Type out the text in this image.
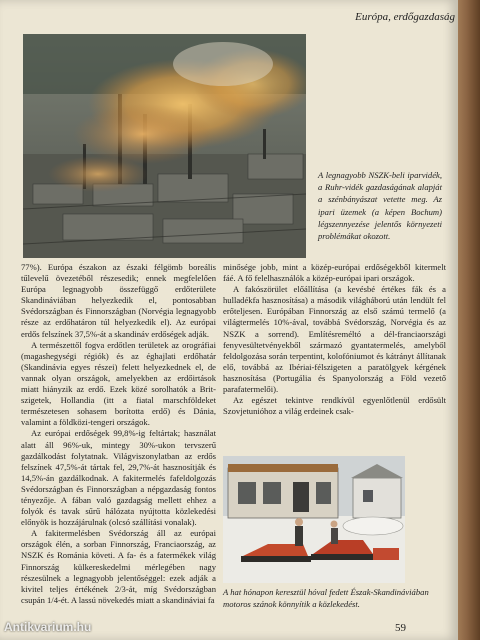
Európa, erdőgazdaság

A legnagyobb NSZK-beli iparvidék, a Ruhr-vidék gazdaságának alapját a szénbányászat vetette meg. Az ipari üzemek (a képen Bochum) légszennyezése jelentős környezeti problémákat okozott.

77%). Európa északon az északi félgömb boreális tűlevelű övezetéből részesedik; ennek megfelelően Európa legnagyobb összefüggő erdőterülete Skandináviában helyezkedik el, pontosabban Svédországban és Finnországban (Norvégia legnagyobb része az erdőhatáron túl helyezkedik el). Az európai erdős felszínek 37,5%-át a skandináv erdőségek adják.

A természettől fogva erdőtlen területek az orográfiai (magashegységi régiók) és az éghajlati erdőhatár (Skandinávia egyes részei) felett helyezkednek el, de vannak olyan országok, amelyekben az erdőirtások miatt hiányzik az erdő. Ezek közé sorolhatók a Brit-szigetek, Hollandia (itt a fiatal marschföldeket természetesen sohasem borította erdő) és Dánia, valamint a földközi-tengeri országok.

Az európai erdőségek 99,8%-ig feltártak; használat alatt áll 96%-uk, mintegy 30%-ukon tervszerű gazdálkodást folytatnak. Világviszonylatban az erdős felszínek 47,5%-át tártak fel, 29,7%-át hasznosítják és 14,5%-án gazdálkodnak. A fakitermelés fafeldolgozás Svédországban és Finnországban a népgazdaság fontos tényezője. A fában való gazdagság mellett ehhez a folyók és tavak sűrű hálózata nyújtotta közlekedési előnyök is hozzájárulnak (olcsó szállítási vonalak).

A fakitermelésben Svédország áll az európai országok élén, a sorban Finnország, Franciaország, az NSZK és Románia követi. A fa- és a fatermékek világ Finnország külkereskedelmi mérlegében nagy részesülnek a legnagyobb jelentőséggel: ezek adják a kivitel teljes értékének 2/3-át, míg Svédországban csupán 1/4-ét. A lassú növekedés miatt a skandináviai fa

minősége jobb, mint a közép-európai erdőségekből kitermelt fáé. A fő felelhasználók a közép-európai ipari országok.

A fakószörület előállítása (a kevésbé értékes fák és a hulladékfa hasznosítása) a második világháború után lendült fel erőteljesen. Európában Finnország az első számú termelő (a világtermelés 10%-ával, továbbá Svédország, Norvégia és az NSZK a sorrend). Említésreméltó a dél-franciaországi fenyvesültetvényekből származó gyantatermelés, amelyből feldolgozása során terpentint, kolofóniumot és kátrányt állítanak elő, továbbá az Ibériai-félszigeten a paratölgyek kérgének hasznosítása (Portugália és Spanyolország a Föld vezető parafatermelői).

Az egészet tekintve rendkívül egyenlőtlenül erdősült Szovjetunióhoz a világ erdeinek csak-

A hat hónapon keresztül hóval fedett Észak-Skandináviában motoros szánok könnyítik a közlekedést.

59
Antikvarium.hu
